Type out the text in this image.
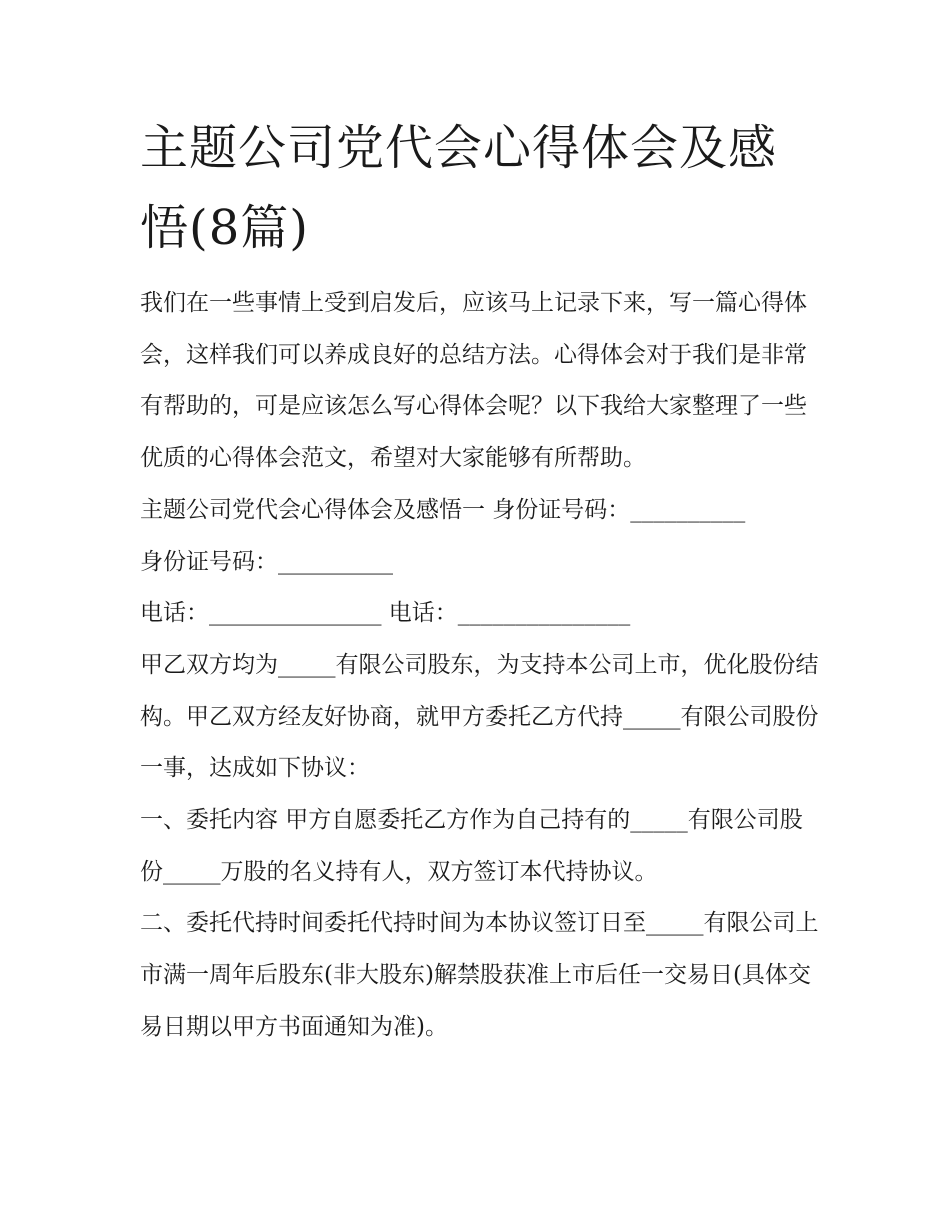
主题公司党代会心得体会及感悟(8篇)

我们在一些事情上受到启发后，应该马上记录下来，写一篇心得体会，这样我们可以养成良好的总结方法。心得体会对于我们是非常有帮助的，可是应该怎么写心得体会呢？以下我给大家整理了一些优质的心得体会范文，希望对大家能够有所帮助。

主题公司党代会心得体会及感悟一 身份证号码：__________

身份证号码：__________

电话：_______________ 电话：_______________

甲乙双方均为_____有限公司股东，为支持本公司上市，优化股份结构。甲乙双方经友好协商，就甲方委托乙方代持_____有限公司股份一事，达成如下协议：

一、委托内容 甲方自愿委托乙方作为自己持有的_____有限公司股份_____万股的名义持有人，双方签订本代持协议。

二、委托代持时间委托代持时间为本协议签订日至_____有限公司上市满一周年后股东(非大股东)解禁股获准上市后任一交易日(具体交易日期以甲方书面通知为准)。
